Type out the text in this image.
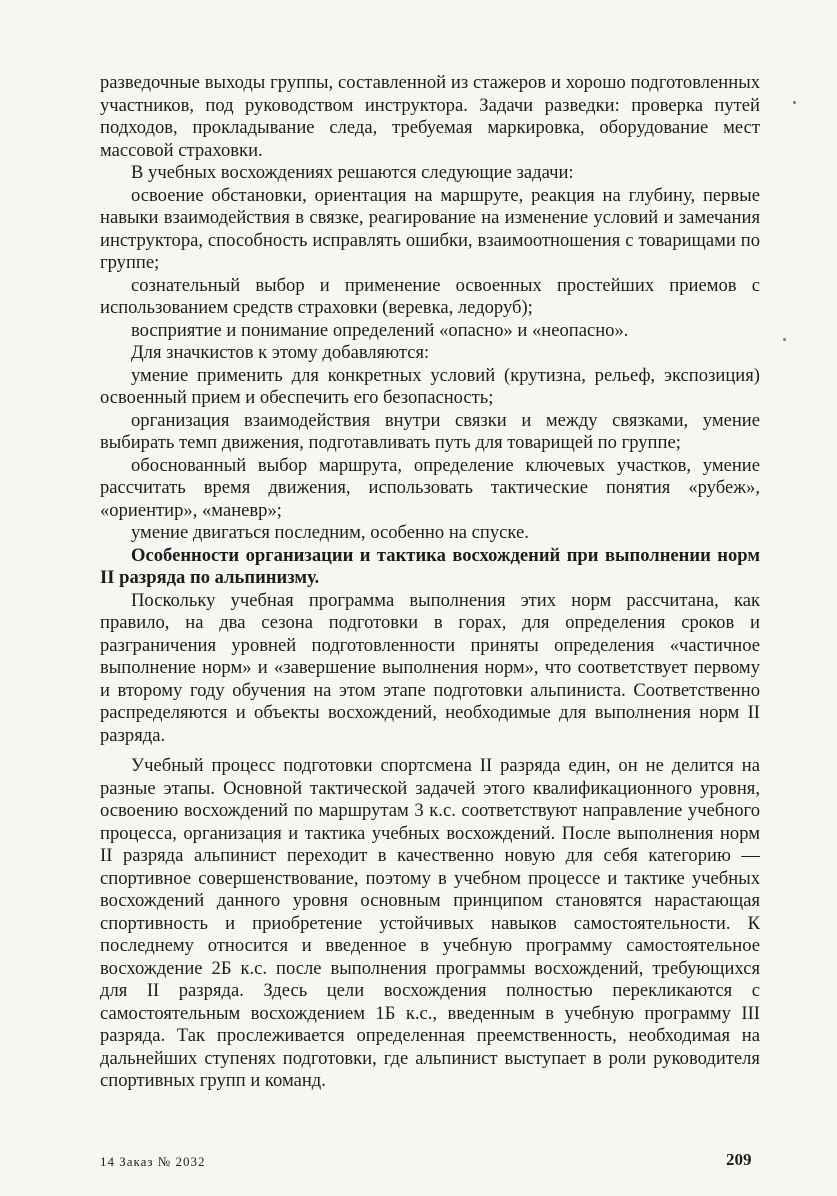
разведочные выходы группы, составленной из стажеров и хорошо подготовленных участников, под руководством инструктора. Задачи разведки: проверка путей подходов, прокладывание следа, требуемая маркировка, оборудование мест массовой страховки.

В учебных восхождениях решаются следующие задачи:

освоение обстановки, ориентация на маршруте, реакция на глубину, первые навыки взаимодействия в связке, реагирование на изменение условий и замечания инструктора, способность исправлять ошибки, взаимоотношения с товарищами по группе;

сознательный выбор и применение освоенных простейших приемов с использованием средств страховки (веревка, ледоруб);

восприятие и понимание определений «опасно» и «неопасно».

Для значкистов к этому добавляются:

умение применить для конкретных условий (крутизна, рельеф, экспозиция) освоенный прием и обеспечить его безопасность;

организация взаимодействия внутри связки и между связками, умение выбирать темп движения, подготавливать путь для товарищей по группе;

обоснованный выбор маршрута, определение ключевых участков, умение рассчитать время движения, использовать тактические понятия «рубеж», «ориентир», «маневр»;

умение двигаться последним, особенно на спуске.

Особенности организации и тактика восхождений при выполнении норм II разряда по альпинизму.

Поскольку учебная программа выполнения этих норм рассчитана, как правило, на два сезона подготовки в горах, для определения сроков и разграничения уровней подготовленности приняты определения «частичное выполнение норм» и «завершение выполнения норм», что соответствует первому и второму году обучения на этом этапе подготовки альпиниста. Соответственно распределяются и объекты восхождений, необходимые для выполнения норм II разряда.

Учебный процесс подготовки спортсмена II разряда един, он не делится на разные этапы. Основной тактической задачей этого квалификационного уровня, освоению восхождений по маршрутам 3 к.с. соответствуют направление учебного процесса, организация и тактика учебных восхождений. После выполнения норм II разряда альпинист переходит в качественно новую для себя категорию — спортивное совершенствование, поэтому в учебном процессе и тактике учебных восхождений данного уровня основным принципом становятся нарастающая спортивность и приобретение устойчивых навыков самостоятельности. К последнему относится и введенное в учебную программу самостоятельное восхождение 2Б к.с. после выполнения программы восхождений, требующихся для II разряда. Здесь цели восхождения полностью перекликаются с самостоятельным восхождением 1Б к.с., введенным в учебную программу III разряда. Так прослеживается определенная преемственность, необходимая на дальнейших ступенях подготовки, где альпинист выступает в роли руководителя спортивных групп и команд.

14 Заказ № 2032	209
